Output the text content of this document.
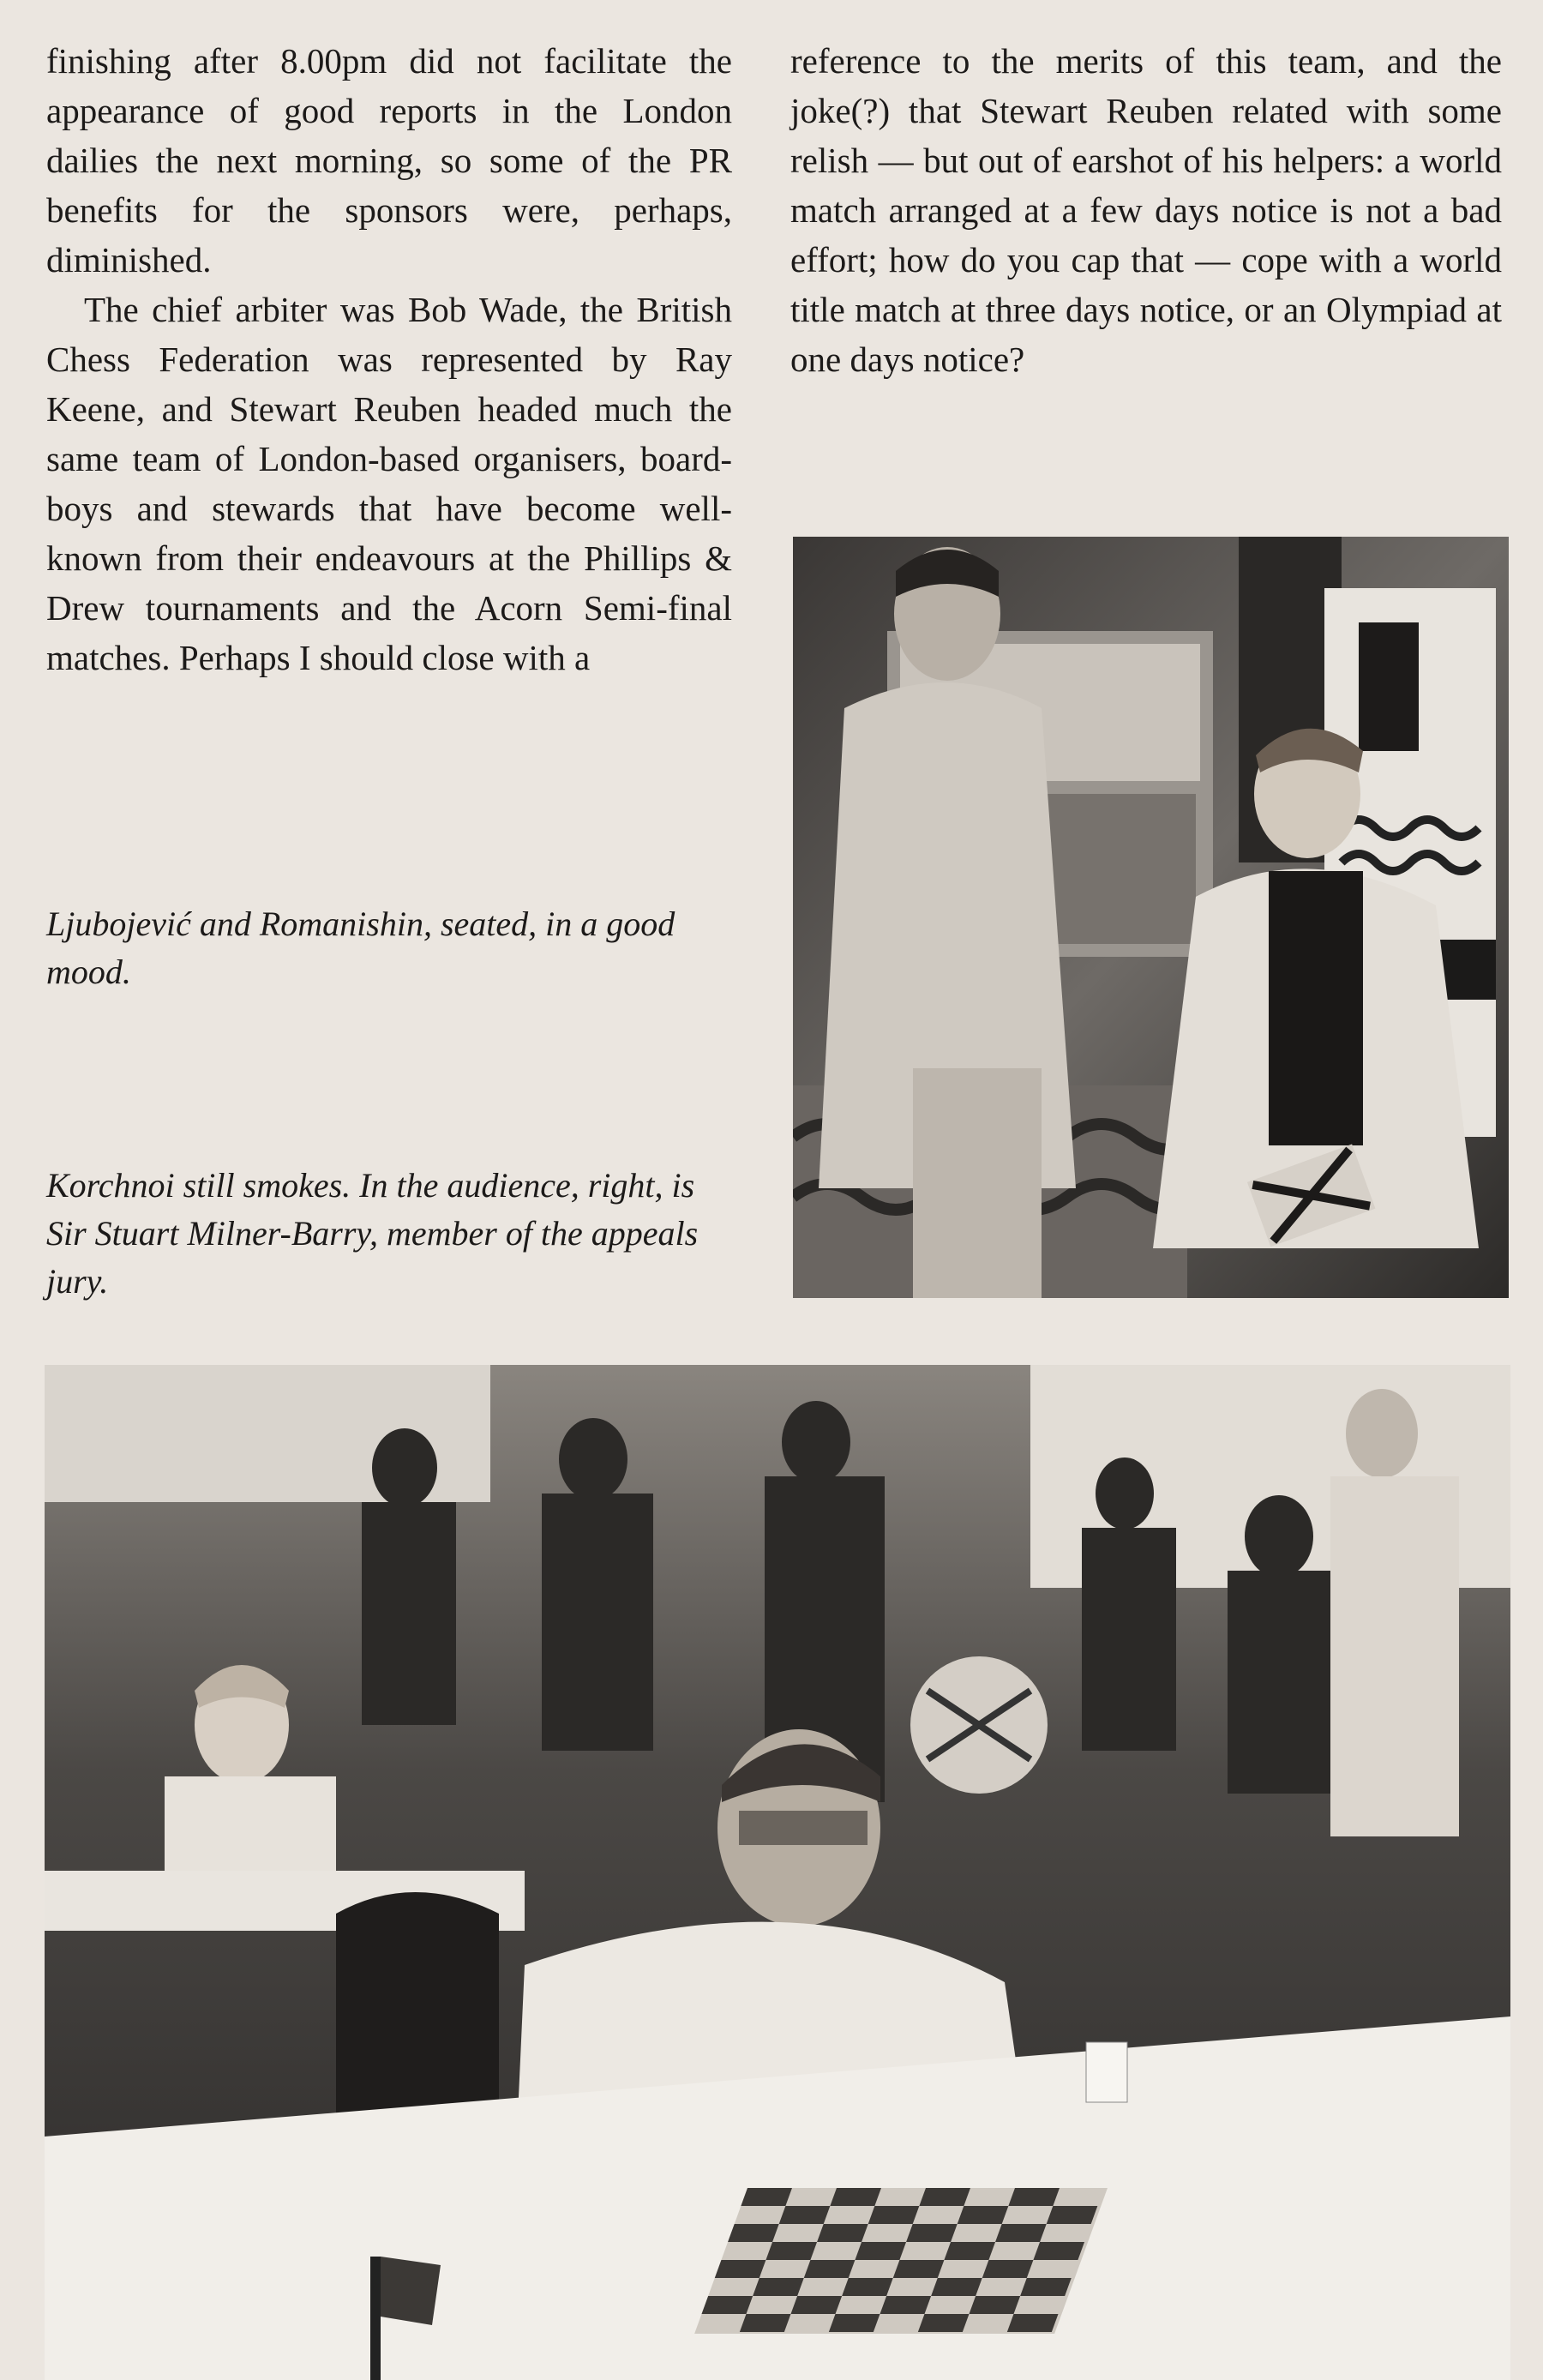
finishing after 8.00pm did not facilitate the appearance of good reports in the London dailies the next morning, so some of the PR benefits for the sponsors were, perhaps, diminished.

The chief arbiter was Bob Wade, the British Chess Federation was represented by Ray Keene, and Stewart Reuben headed much the same team of London-based organisers, board-boys and stewards that have become well-known from their endeavours at the Phillips & Drew tournaments and the Acorn Semi-final matches. Perhaps I should close with a

reference to the merits of this team, and the joke(?) that Stewart Reuben related with some relish — but out of earshot of his helpers: a world match arranged at a few days notice is not a bad effort; how do you cap that — cope with a world title match at three days notice, or an Olympiad at one days notice?

Ljubojević and Romanishin, seated, in a good mood.
Korchnoi still smokes. In the audience, right, is Sir Stuart Milner-Barry, member of the appeals jury.
